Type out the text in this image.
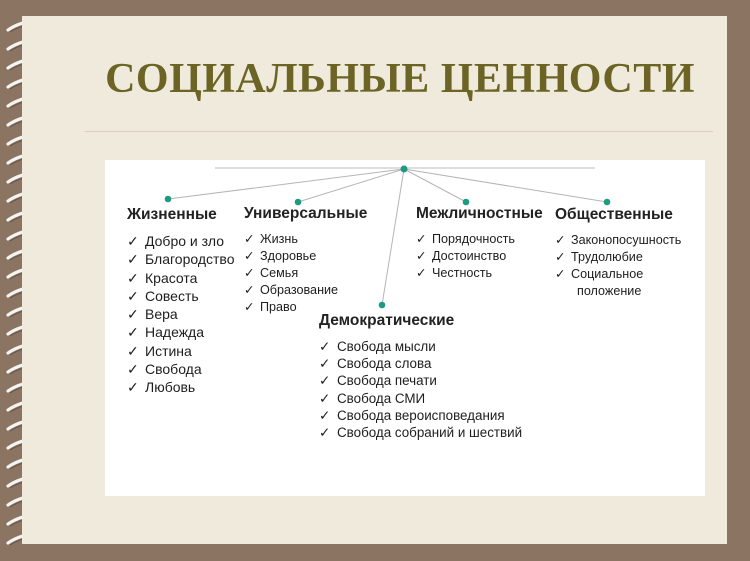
СОЦИАЛЬНЫЕ ЦЕННОСТИ
Жизненные
✓ Добро и зло
✓ Благородство
✓ Красота
✓ Совесть
✓ Вера
✓ Надежда
✓ Истина
✓ Свобода
✓ Любовь
Универсальные
✓ Жизнь
✓ Здоровье
✓ Семья
✓ Образование
✓ Право
Межличностные
✓ Порядочность
✓ Достоинство
✓ Честность
Общественные
✓ Законопосушность
✓ Трудолюбие
✓ Социальное
положение
Демократические
✓ Свобода мысли
✓ Свобода слова
✓ Свобода печати
✓ Свобода СМИ
✓ Свобода вероисповедания
✓ Свобода собраний и шествий
